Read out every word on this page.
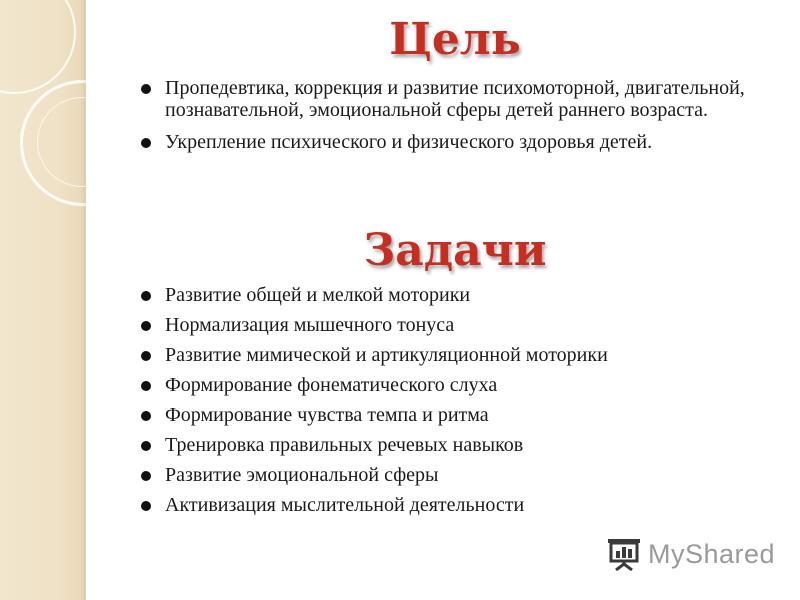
Цель
Пропедевтика, коррекция и развитие психомоторной, двигательной, познавательной, эмоциональной сферы детей раннего возраста.
Укрепление психического и физического здоровья детей.
Задачи
Развитие общей и мелкой моторики
Нормализация мышечного тонуса
Развитие мимической и артикуляционной моторики
Формирование фонематического слуха
Формирование чувства темпа и ритма
Тренировка правильных речевых навыков
Развитие эмоциональной сферы
Активизация мыслительной деятельности
MyShared
